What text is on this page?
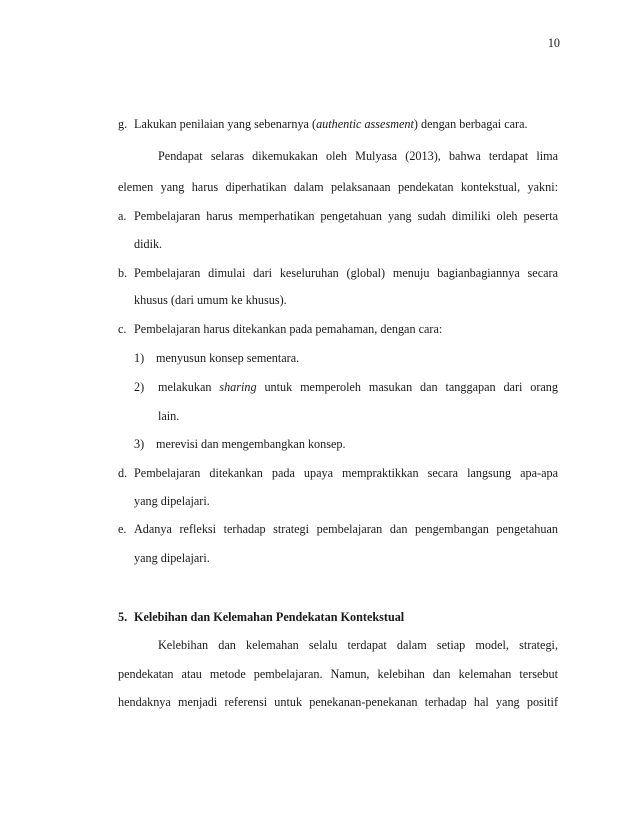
10
g. Lakukan penilaian yang sebenarnya (authentic assesment) dengan berbagai cara.
Pendapat selaras dikemukakan oleh Mulyasa (2013), bahwa terdapat lima
elemen yang harus diperhatikan dalam pelaksanaan pendekatan kontekstual, yakni:
a. Pembelajaran harus memperhatikan pengetahuan yang sudah dimiliki oleh peserta
didik.
b. Pembelajaran dimulai dari keseluruhan (global) menuju bagianbagiannya secara
khusus (dari umum ke khusus).
c. Pembelajaran harus ditekankan pada pemahaman, dengan cara:
1) menyusun konsep sementara.
2)	melakukan sharing untuk memperoleh masukan dan tanggapan dari orang
lain.
3) merevisi dan mengembangkan konsep.
d. Pembelajaran ditekankan pada upaya mempraktikkan secara langsung apa-apa
yang dipelajari.
e. Adanya refleksi terhadap strategi pembelajaran dan pengembangan pengetahuan
yang dipelajari.
5. Kelebihan dan Kelemahan Pendekatan Kontekstual
Kelebihan dan kelemahan selalu terdapat dalam setiap model, strategi,
pendekatan atau metode pembelajaran. Namun, kelebihan dan kelemahan tersebut
hendaknya menjadi referensi untuk penekanan-penekanan terhadap hal yang positif
